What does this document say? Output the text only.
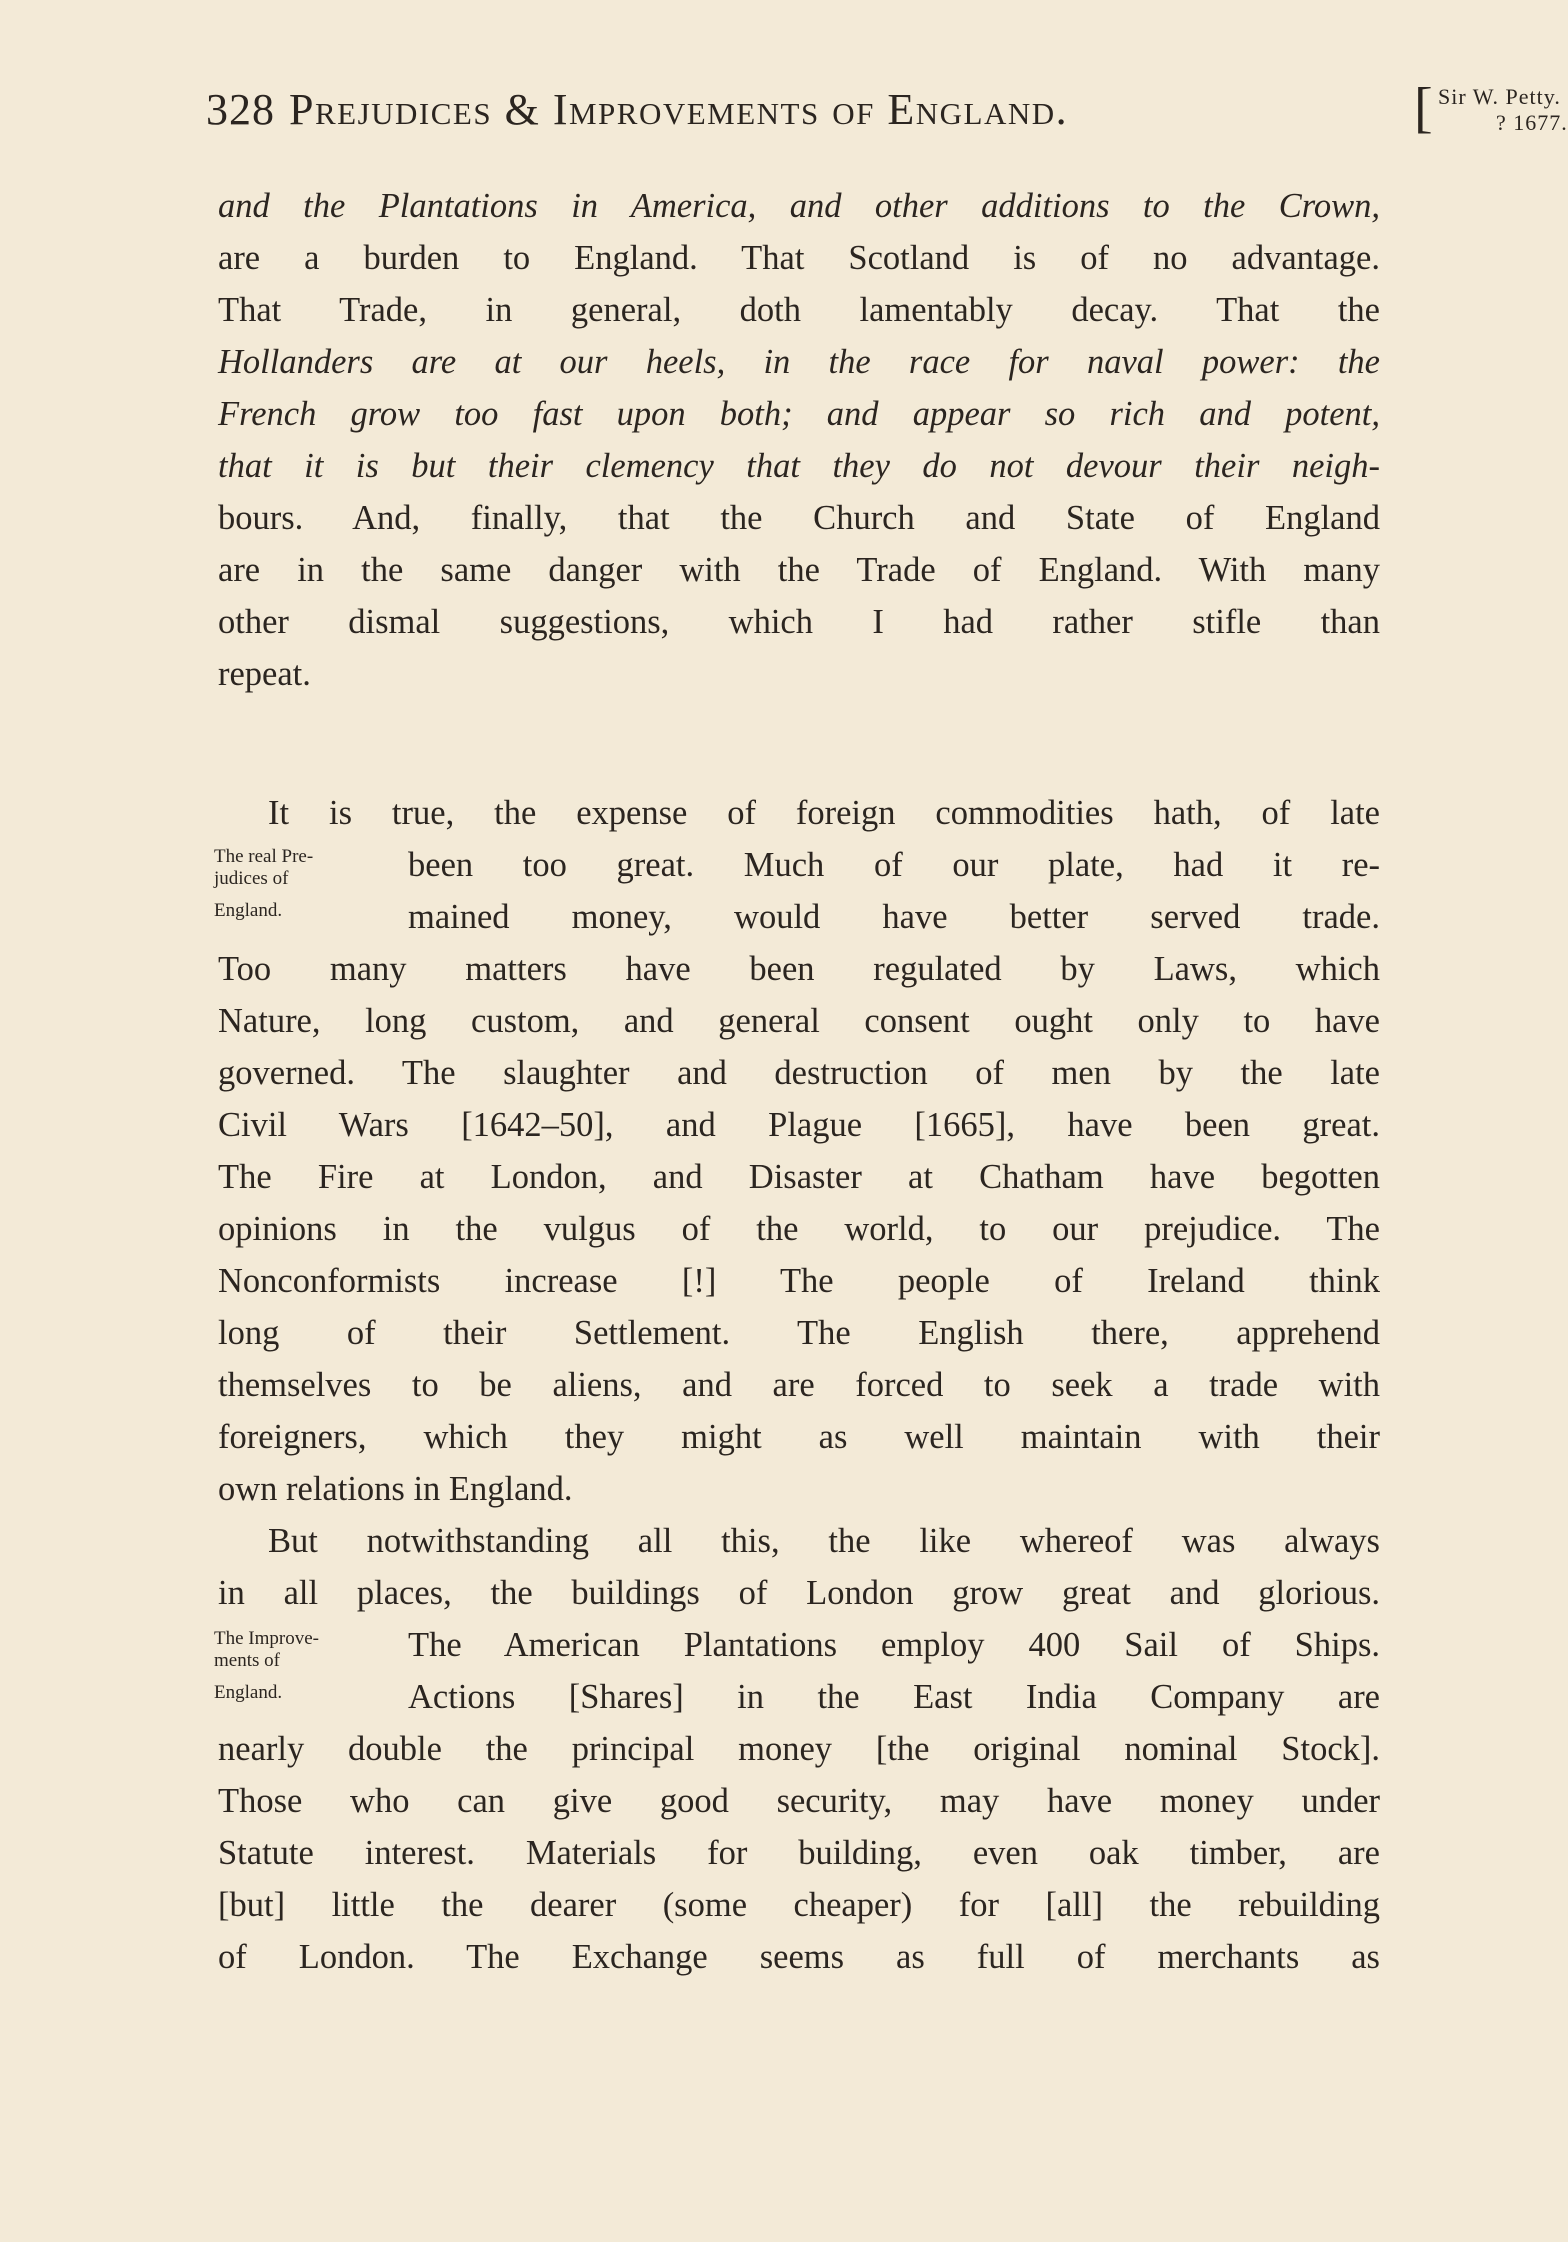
328 Prejudices & Improvements of England.	[ Sir W. Petty.
? 1677.
and the Plantations in America, and other additions to the Crown,
are a burden to England. That Scotland is of no advantage.
That Trade, in general, doth lamentably decay. That the
Hollanders are at our heels, in the race for naval power: the
French grow too fast upon both; and appear so rich and potent,
that it is but their clemency that they do not devour their neigh-
bours. And, finally, that the Church and State of England
are in the same danger with the Trade of England. With many
other dismal suggestions, which I had rather stifle than
repeat.
It is true, the expense of foreign commodities hath, of late
been too great. Much of our plate, had it re-
mained money, would have better served trade.
Too many matters have been regulated by Laws, which
Nature, long custom, and general consent ought only to have
governed. The slaughter and destruction of men by the late
Civil Wars [1642–50], and Plague [1665], have been great.
The Fire at London, and Disaster at Chatham have begotten
opinions in the vulgus of the world, to our prejudice. The
Nonconformists increase [!] The people of Ireland think
long of their Settlement. The English there, apprehend
themselves to be aliens, and are forced to seek a trade with
foreigners, which they might as well maintain with their
own relations in England.
The real Pre-
judices of
England.
But notwithstanding all this, the like whereof was always
in all places, the buildings of London grow great and glorious.
The American Plantations employ 400 Sail of Ships.
Actions [Shares] in the East India Company are
nearly double the principal money [the original nominal Stock].
Those who can give good security, may have money under
Statute interest. Materials for building, even oak timber, are
[but] little the dearer (some cheaper) for [all] the rebuilding
of London. The Exchange seems as full of merchants as
The Improve-
ments of
England.
